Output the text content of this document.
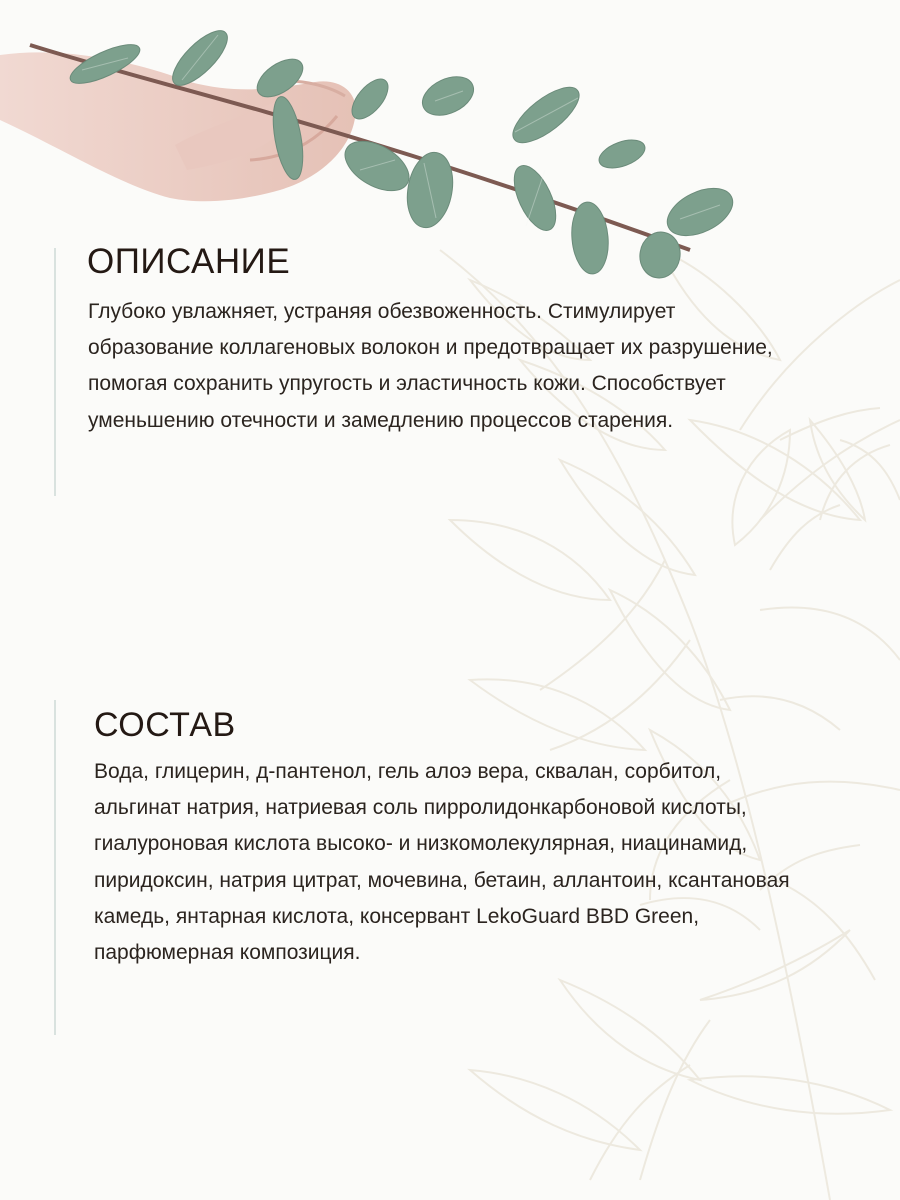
ОПИСАНИЕ

Глубоко увлажняет, устраняя обезвоженность. Стимулирует образование коллагеновых волокон и предотвращает их разрушение, помогая сохранить упругость и эластичность кожи. Способствует уменьшению отечности и замедлению процессов старения.

СОСТАВ

Вода, глицерин, д-пантенол, гель алоэ вера, сквалан, сорбитол, альгинат натрия, натриевая соль пирролидонкарбоновой кислоты, гиалуроновая кислота высоко- и низкомолекулярная, ниацинамид, пиридоксин, натрия цитрат, мочевина, бетаин, аллантоин, ксантановая камедь, янтарная кислота, консервант LekoGuard BBD Green, парфюмерная композиция.
